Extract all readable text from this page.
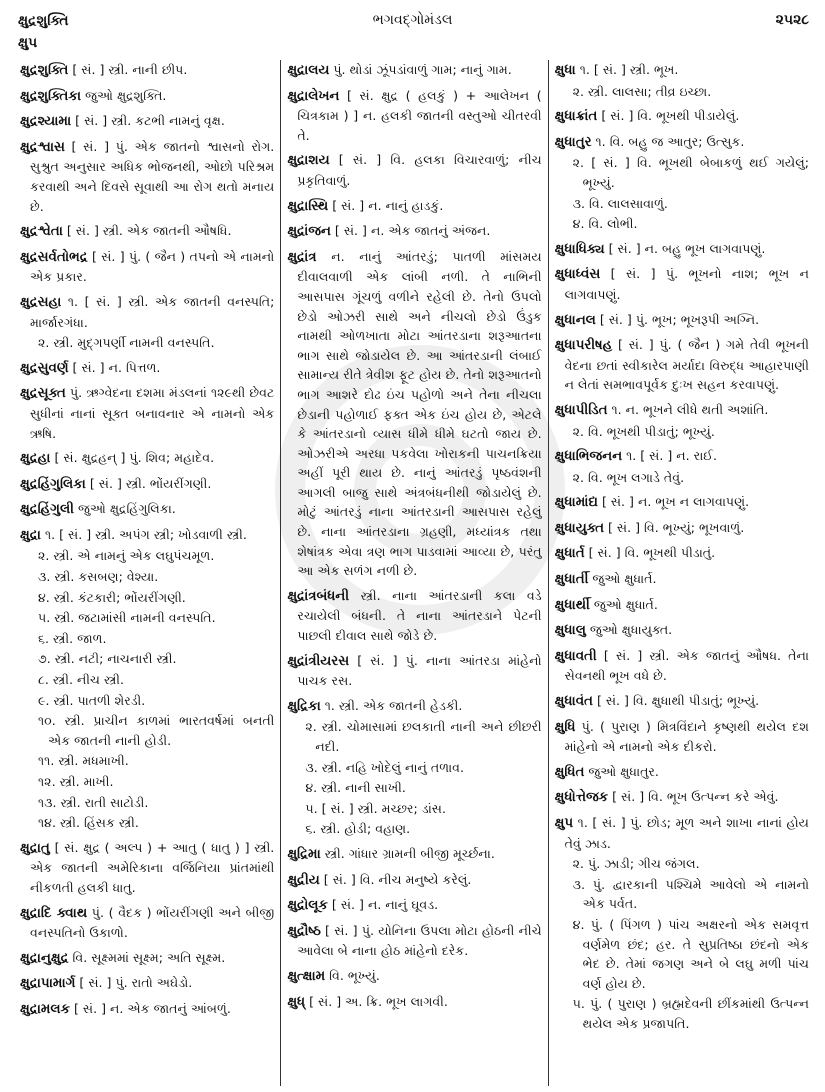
ક્ષુદ્રશુક્તિ
ક્ષુપ
ભગવદ્ગોમંડલ	૨૫૨૮
ક્ષુદ્રશુક્તિ [ સં. ] સ્ત્રી. નાની છીપ.
ક્ષુદ્રશુક્તિકા જુઓ ક્ષુદ્રશુક્તિ.
ક્ષુદ્રશ્યામા [ સં. ] સ્ત્રી. કટભી નામનું વૃક્ષ.
ક્ષુદ્રશ્વાસ [ સં. ] પું. એક જાતનો શ્વાસનો રોગ. સુશ્રુત અનુસાર અધિક ભોજનથી, ઓછો પરિશ્રમ કરવાથી અને દિવસે સૂવાથી આ રોગ થતો મનાય છે.
ક્ષુદ્રશ્વેતા [ સં. ] સ્ત્રી. એક જાતની ઔષધિ.
ક્ષુદ્રસર્વતોભદ્ર [ સં. ] પું. ( જૈન ) તપનો એ નામનો એક પ્રકાર.
ક્ષુદ્રસહા ૧. [ સં. ] સ્ત્રી. એક જાતની વનસ્પતિ; માર્જારગંધા.
૨. સ્ત્રી. મુદ્ગપર્ણી નામની વનસ્પતિ.
ક્ષુદ્રસુવર્ણ [ સં. ] ન. પિત્તળ.
ક્ષુદ્રસૂક્ત પું. ઋગ્વેદના દશમા મંડલનાં ૧૨૯થી છેવટ સુધીનાં નાનાં સૂક્ત બનાવનાર એ નામનો એક ઋષિ.
ક્ષુદ્રહા [ સં. ક્ષુદ્રહન્ ] પું. શિવ; મહાદેવ.
ક્ષુદ્રહિંગુલિકા [ સં. ] સ્ત્રી. ભોંયરીંગણી.
ક્ષુદ્રહિંગુલી જુઓ ક્ષુદ્રહિંગુલિકા.
ક્ષુદ્રા ૧. [ સં. ] સ્ત્રી. અપંગ સ્ત્રી; ખોડવાળી સ્ત્રી.
૨. સ્ત્રી. એ નામનું એક લઘુપંચમૂળ.
૩. સ્ત્રી. કસબણ; વેશ્યા.
૪. સ્ત્રી. કંટકારી; ભોંયરીંગણી.
૫. સ્ત્રી. જટામાંસી નામની વનસ્પતિ.
૬. સ્ત્રી. જાળ.
૭. સ્ત્રી. નટી; નાચનારી સ્ત્રી.
૮. સ્ત્રી. નીચ સ્ત્રી.
૯. સ્ત્રી. પાતળી શેરડી.
૧૦. સ્ત્રી. પ્રાચીન કાળમાં ભારતવર્ષમાં બનતી એક જાતની નાની હોડી.
૧૧. સ્ત્રી. મધમાખી.
૧૨. સ્ત્રી. માખી.
૧૩. સ્ત્રી. રાતી સાટોડી.
૧૪. સ્ત્રી. હિંસક સ્ત્રી.
ક્ષુદ્રાતુ [ સં. ક્ષુદ્ર ( અલ્પ ) + આતુ ( ધાતુ ) ] સ્ત્રી. એક જાતની અમેરિકાના વર્જિનિયા પ્રાંતમાંથી નીકળતી હલકી ધાતુ.
ક્ષુદ્રાદિ ક્વાથ પું. ( વૈદક ) ભોંયરીંગણી અને બીજી વનસ્પતિનો ઉકાળો.
ક્ષુદ્રાનુક્ષુદ્ર વિ. સૂક્ષ્મમાં સૂક્ષ્મ; અતિ સૂક્ષ્મ.
ક્ષુદ્રાપામાર્ગ [ સં. ] પું. રાતો અઘેડો.
ક્ષુદ્રામલક [ સં. ] ન. એક જાતનું આંબળું.
ક્ષુદ્રાલય પું. થોડાં ઝૂંપડાંવાળું ગામ; નાનું ગામ.
ક્ષુદ્રાલેખન [ સં. ક્ષુદ્ર ( હલકું ) + આલેખન ( ચિત્રકામ ) ] ન. હલકી જાતની વસ્તુઓ ચીતરવી તે.
ક્ષુદ્રાશય [ સં. ] વિ. હલકા વિચારવાળું; નીચ પ્રકૃતિવાળું.
ક્ષુદ્રાસ્થિ [ સં. ] ન. નાનું હાડકું.
ક્ષુદ્રાંજન [ સં. ] ન. એક જાતનું અંજન.
ક્ષુદ્રાંત્ર ન. નાનું આંતરડું; પાતળી માંસમય દીવાલવાળી એક લાંબી નળી. તે નાભિની આસપાસ ગૂંચળું વળીને રહેલી છે. તેનો ઉપલો છેડો ઓઝરી સાથે અને નીચલો છેડો ઉંડુક નામથી ઓળખાતા મોટા આંતરડાના શરૂઆતના ભાગ સાથે જોડાયેલ છે. આ આંતરડાની લંબાઈ સામાન્ય રીતે ત્રેવીશ ફૂટ હોય છે. તેનો શરૂઆતનો ભાગ આશરે દોઢ ઇંચ પહોળો અને તેના નીચલા છેડાની પહોળાઈ ફક્ત એક ઇંચ હોય છે, એટલે કે આંતરડાનો વ્યાસ ધીમે ધીમે ઘટતો જાય છે. ઓઝરીએ અરધા પકવેલા ખોરાકની પાચનક્રિયા અહીં પૂરી થાય છે. નાનું આંતરડું પૃષ્ઠવંશની આગલી બાજુ સાથે અંત્રબંધનીથી જોડાયેલું છે. મોટું આંતરડું નાના આંતરડાની આસપાસ રહેલું છે. નાના આંતરડાના ગ્રહણી, મધ્યાંત્રક તથા શેષાંત્રક એવા ત્રણ ભાગ પાડવામાં આવ્યા છે, પરંતુ આ એક સળંગ નળી છે.
ક્ષુદ્રાંત્રબંધની સ્ત્રી. નાના આંતરડાની કલા વડે રચાયેલી બંધની. તે નાના આંતરડાને પેટની પાછલી દીવાલ સાથે જોડે છે.
ક્ષુદ્રાંત્રીયરસ [ સં. ] પું. નાના આંતરડા માંહેનો પાચક રસ.
ક્ષુદ્રિકા ૧. સ્ત્રી. એક જાતની હેડકી.
૨. સ્ત્રી. ચોમાસામાં છલકાતી નાની અને છીછરી નદી.
૩. સ્ત્રી. નહિ ખોદેલું નાનું તળાવ.
૪. સ્ત્રી. નાની સાખી.
૫. [ સં. ] સ્ત્રી. મચ્છર; ડાંસ.
૬. સ્ત્રી. હોડી; વહાણ.
ક્ષુદ્રિમા સ્ત્રી. ગાંધાર ગ્રામની બીજી મૂર્ચ્છના.
ક્ષુદ્રીય [ સં. ] વિ. નીચ મનુષ્યે કરેલું.
ક્ષુદ્રોલૂક [ સં. ] ન. નાનું ઘૂવડ.
ક્ષુદ્રૌષ્ઠ [ સં. ] પું. યોનિના ઉપલા મોટા હોઠની નીચે આવેલા બે નાના હોઠ માંહેનો દરેક.
ક્ષુત્ક્ષામ વિ. ભૂખ્યું.
ક્ષુધ્ [ સં. ] અ. ક્રિ. ભૂખ લાગવી.
ક્ષુધા ૧. [ સં. ] સ્ત્રી. ભૂખ.
૨. સ્ત્રી. લાલસા; તીવ્ર ઇચ્છા.
ક્ષુધાક્રાંત [ સં. ] વિ. ભૂખથી પીડાયેલું.
ક્ષુધાતુર ૧. વિ. બહુ જ આતુર; ઉત્સુક.
૨. [ સં. ] વિ. ભૂખથી બેબાકળું થઈ ગયેલું; ભૂખ્યું.
૩. વિ. લાલસાવાળું.
૪. વિ. લોભી.
ક્ષુધાધિક્ય [ સં. ] ન. બહુ ભૂખ લાગવાપણું.
ક્ષુધાધ્વંસ [ સં. ] પું. ભૂખનો નાશ; ભૂખ ન લાગવાપણું.
ક્ષુધાનલ [ સં. ] પું. ભૂખ; ભૂખરૂપી અગ્નિ.
ક્ષુધાપરીષહ [ સં. ] પું. ( જૈન ) ગમે તેવી ભૂખની વેદના છતાં સ્વીકારેલ મર્યાદા વિરુદ્ધ આહારપાણી ન લેતાં સમભાવપૂર્વક દુઃખ સહન કરવાપણું.
ક્ષુધાપીડિત ૧. ન. ભૂખને લીધે થતી અશાંતિ.
૨. વિ. ભૂખથી પીડાતું; ભૂખ્યું.
ક્ષુધાભિજનન ૧. [ સં. ] ન. રાઈ.
૨. વિ. ભૂખ લગાડે તેવું.
ક્ષુધામાંદ્ય [ સં. ] ન. ભૂખ ન લાગવાપણું.
ક્ષુધાયુક્ત [ સં. ] વિ. ભૂખ્યું; ભૂખવાળું.
ક્ષુધાર્ત [ સં. ] વિ. ભૂખથી પીડાતું.
ક્ષુધાર્તી જુઓ ક્ષુધાર્ત.
ક્ષુધાર્થી જુઓ ક્ષુધાર્ત.
ક્ષુધાલુ જુઓ ક્ષુધાયુક્ત.
ક્ષુધાવતી [ સં. ] સ્ત્રી. એક જાતનું ઔષધ. તેના સેવનથી ભૂખ વધે છે.
ક્ષુધાવંત [ સં. ] વિ. ક્ષુધાથી પીડાતું; ભૂખ્યું.
ક્ષુધિ પું. ( પુરાણ ) મિત્રવિંદાને કૃષ્ણથી થયેલ દશ માંહેનો એ નામનો એક દીકરો.
ક્ષુધિત જુઓ ક્ષુધાતુર.
ક્ષુધોત્તેજક [ સં. ] વિ. ભૂખ ઉત્પન્ન કરે એવું.
ક્ષુપ ૧. [ સં. ] પું. છોડ; મૂળ અને શાખા નાનાં હોય તેવું ઝાડ.
૨. પું. ઝાડી; ગીચ જંગલ.
૩. પું. દ્વારકાની પશ્ચિમે આવેલો એ નામનો એક પર્વત.
૪. પું. ( પિંગળ ) પાંચ અક્ષરનો એક સમવૃત્ત વર્ણમેળ છંદ; હર. તે સુપ્રતિષ્ઠા છંદનો એક ભેદ છે. તેમાં જગણ અને બે લઘુ મળી પાંચ વર્ણ હોય છે.
૫. પું. ( પુરાણ ) બ્રહ્મદેવની છીંકમાંથી ઉત્પન્ન થયેલ એક પ્રજાપતિ.
